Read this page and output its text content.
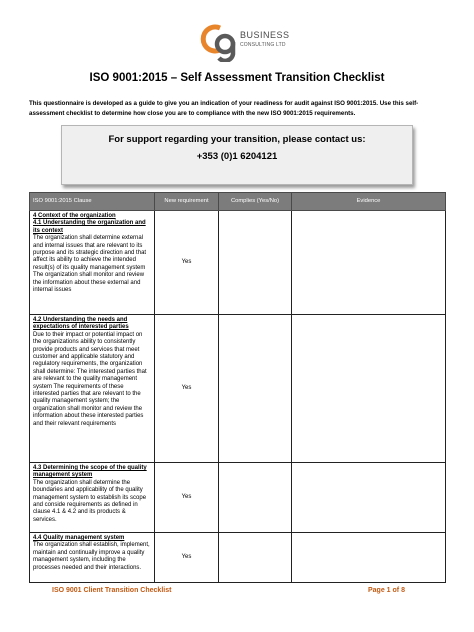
BUSINESS
CONSULTING LTD
ISO 9001:2015 – Self Assessment Transition Checklist
This questionnaire is developed as a guide to give you an indication of your readiness for audit against ISO 9001:2015. Use this self-assessment checklist to determine how close you are to compliance with the new ISO 9001:2015 requirements.
For support regarding your transition, please contact us:
+353 (0)1 6204121
ISO 9001:2015 Clause	New requirement	Complies (Yes/No)	Evidence

4 Context of the organization
4.1 Understanding the organization and its context
The organization shall determine external and internal issues that are relevant to its purpose and its strategic direction and that affect its ability to achieve the intended result(s) of its quality management system The organization shall monitor and review the information about these external and internal issues	Yes		

4.2 Understanding the needs and expectations of interested parties
Due to their impact or potential impact on the organizations ability to consistently provide products and services that meet customer and applicable statutory and regulatory requirements, the organization shall determine: The interested parties that are relevant to the quality management system The requirements of these interested parties that are relevant to the quality management system; the organization shall monitor and review the information about these interested parties and their relevant requirements	Yes		

4.3 Determining the scope of the quality management system
The organization shall determine the boundaries and applicability of the quality management system to establish its scope and conside requirements as defined in clause 4.1 & 4.2 and its products & services.	Yes		

4.4 Quality management system
The organization shall establish, implement, maintain and continually improve a quality management system, including the processes needed and their interactions.	Yes		
ISO 9001 Client Transition Checklist	Page 1 of 8
